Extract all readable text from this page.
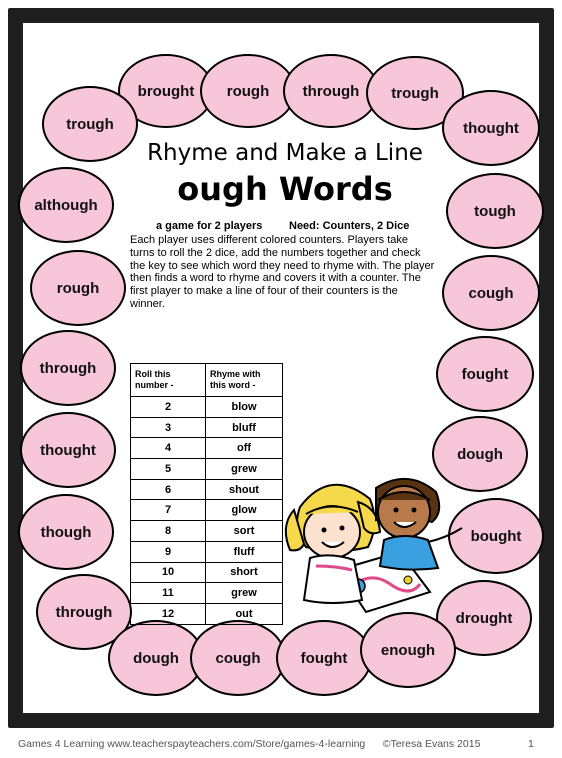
brought	rough	through	trough
trough	thought
although	tough
rough	cough
through	fought
thought	dough
though	bought
through	drought
dough	cough	fought	enough
Rhyme and Make a Line
ough Words
a game for 2 players Need: Counters, 2 Dice
Each player uses different colored counters. Players take turns to roll the 2 dice, add the numbers together and check the key to see which word they need to rhyme with. The player then finds a word to rhyme and covers it with a counter. The first player to make a line of four of their counters is the winner.
Roll this number -	Rhyme with this word -
2	blow
3	bluff
4	off
5	grew
6	shout
7	glow
8	sort
9	fluff
10	short
11	grew
12	out
Games 4 Learning www.teacherspayteachers.com/Store/games-4-learning ©Teresa Evans 2015	1
